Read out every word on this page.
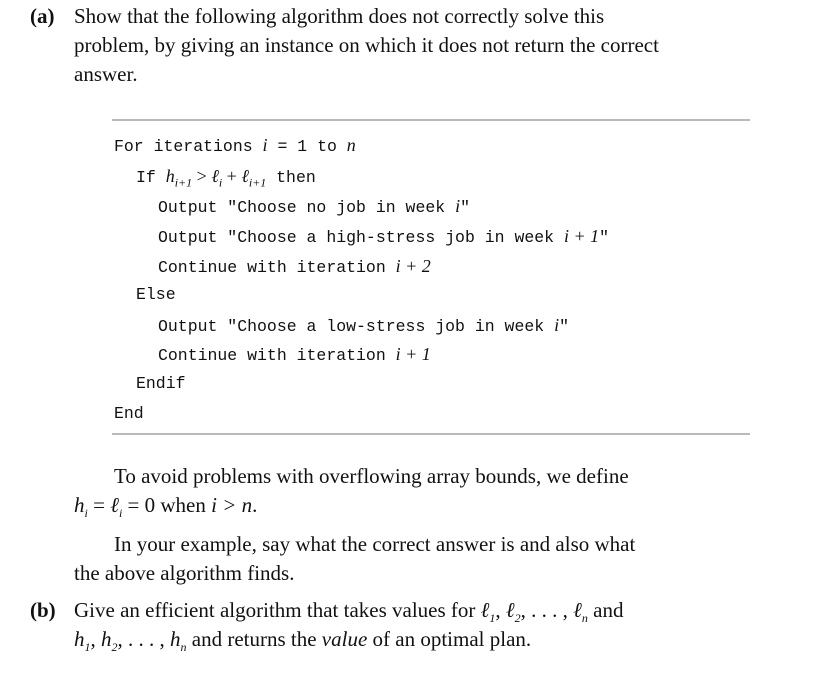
(a) Show that the following algorithm does not correctly solve this
problem, by giving an instance on which it does not return the correct
answer.
For iterations i = 1 to n
If $h_{i+1}$ > ℓ$_i$ + ℓ$_{i+1}$ then
Output "Choose no job in week i"
Output "Choose a high-stress job in week i + 1"
Continue with iteration i + 2
Else
Output "Choose a low-stress job in week i"
Continue with iteration i + 1
Endif
End
To avoid problems with overflowing array bounds, we define
$h_i$ = ℓ$_i$ = 0 when i > n.
In your example, say what the correct answer is and also what
the above algorithm finds.
(b) Give an efficient algorithm that takes values for ℓ$_1$, ℓ$_2$, . . . , ℓ$_n$ and
$h_1$, $h_2$, . . . , $h_n$ and returns the value of an optimal plan.
